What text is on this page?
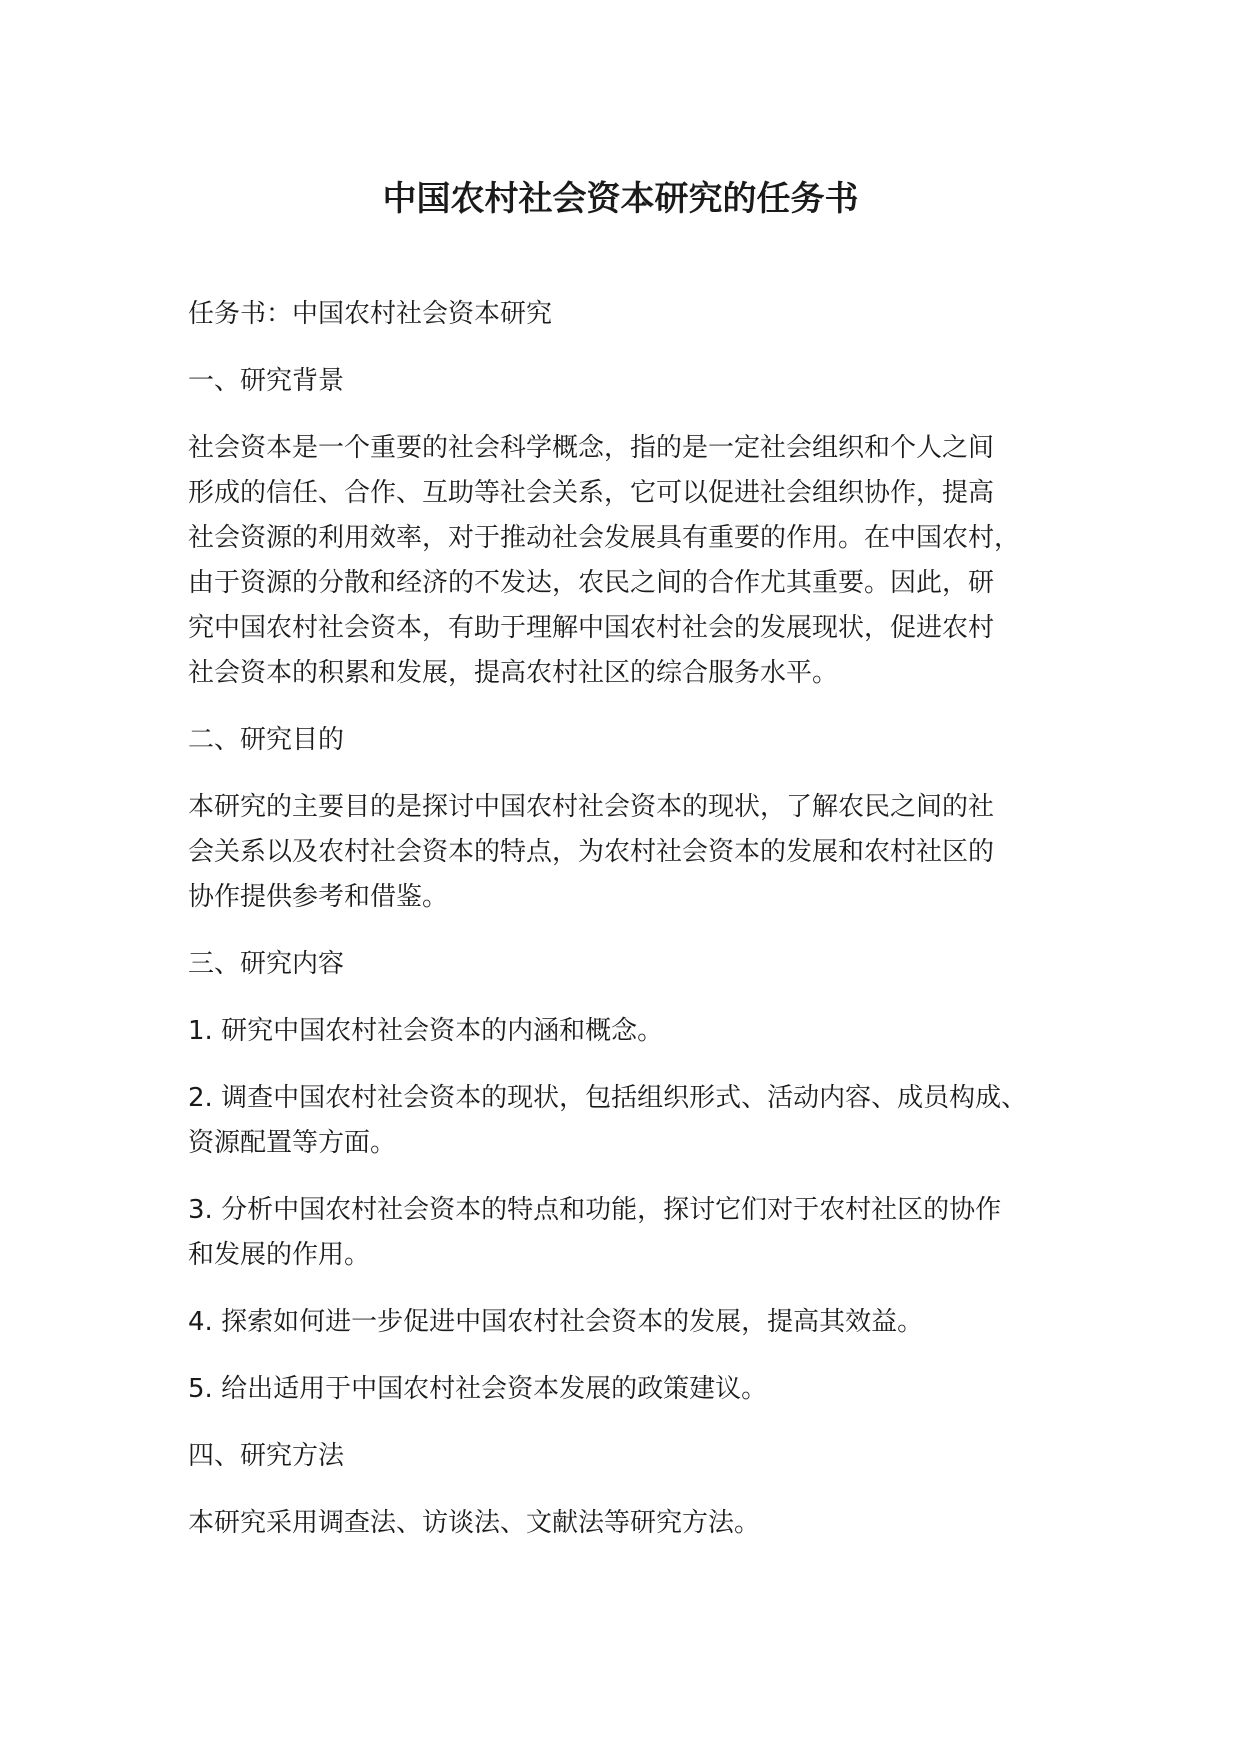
中国农村社会资本研究的任务书

任务书：中国农村社会资本研究

一、研究背景

社会资本是一个重要的社会科学概念，指的是一定社会组织和个人之间
形成的信任、合作、互助等社会关系，它可以促进社会组织协作，提高
社会资源的利用效率，对于推动社会发展具有重要的作用。在中国农村，
由于资源的分散和经济的不发达，农民之间的合作尤其重要。因此，研
究中国农村社会资本，有助于理解中国农村社会的发展现状，促进农村
社会资本的积累和发展，提高农村社区的综合服务水平。

二、研究目的

本研究的主要目的是探讨中国农村社会资本的现状，了解农民之间的社
会关系以及农村社会资本的特点，为农村社会资本的发展和农村社区的
协作提供参考和借鉴。

三、研究内容

1. 研究中国农村社会资本的内涵和概念。

2. 调查中国农村社会资本的现状，包括组织形式、活动内容、成员构成、
资源配置等方面。

3. 分析中国农村社会资本的特点和功能，探讨它们对于农村社区的协作
和发展的作用。

4. 探索如何进一步促进中国农村社会资本的发展，提高其效益。

5. 给出适用于中国农村社会资本发展的政策建议。

四、研究方法

本研究采用调查法、访谈法、文献法等研究方法。
